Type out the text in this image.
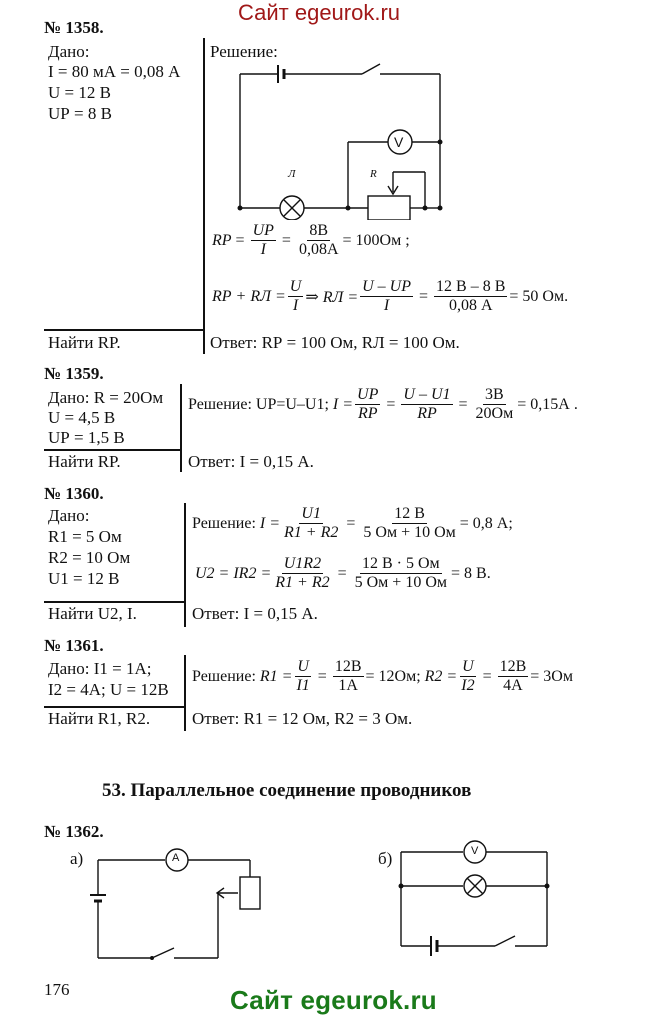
Сайт egeurok.ru
№ 1358.
Дано:
I = 80 мА = 0,08 А
U = 12 В
UР = 8 В
Найти RР.
Решение:
V
Л	R
RР = $\frac{UР}{I} = \frac{8В}{0,08А} = 100Ом$ ;
RР + RЛ = $\frac{U}{I}$ ⇒ RЛ = $\frac{U - UР}{I} = \frac{12 В - 8 В}{0,08 А} = 50$ Ом.
Ответ: RР = 100 Ом, RЛ = 100 Ом.
№ 1359.
Дано: R = 20Ом
U = 4,5 В
UР = 1,5 В
Найти RР.
Решение: UР=U–U1;
$I = \frac{UР}{RР} = \frac{U - U1}{RР} = \frac{3В}{20Ом} = 0,15А$ .
Ответ: I = 0,15 А.
№ 1360.
Дано:
R1 = 5 Ом
R2 = 10 Ом
U1 = 12 В
Найти U2, I.
Решение:
$I = \frac{U1}{R1 + R2} = \frac{12 В}{5 Ом + 10 Ом} = 0,8$ А;
$U2 = IR2 = \frac{U1R2}{R1 + R2} = \frac{12 В \cdot 5 Ом}{5 Ом + 10 Ом} = 8$ В.
Ответ: I = 0,15 А.
№ 1361.
Дано: I1 = 1А;
I2 = 4А; U = 12В
Найти R1, R2.
Решение:
$R1 = \frac{U}{I1} = \frac{12В}{1А} = 12Ом$;
$R2 = \frac{U}{I2} = \frac{12В}{4А} = 3Ом$
Ответ: R1 = 12 Ом, R2 = 3 Ом.
53. Параллельное соединение проводников
№ 1362.
а)	б)
A
V
176	Сайт egeurok.ru
